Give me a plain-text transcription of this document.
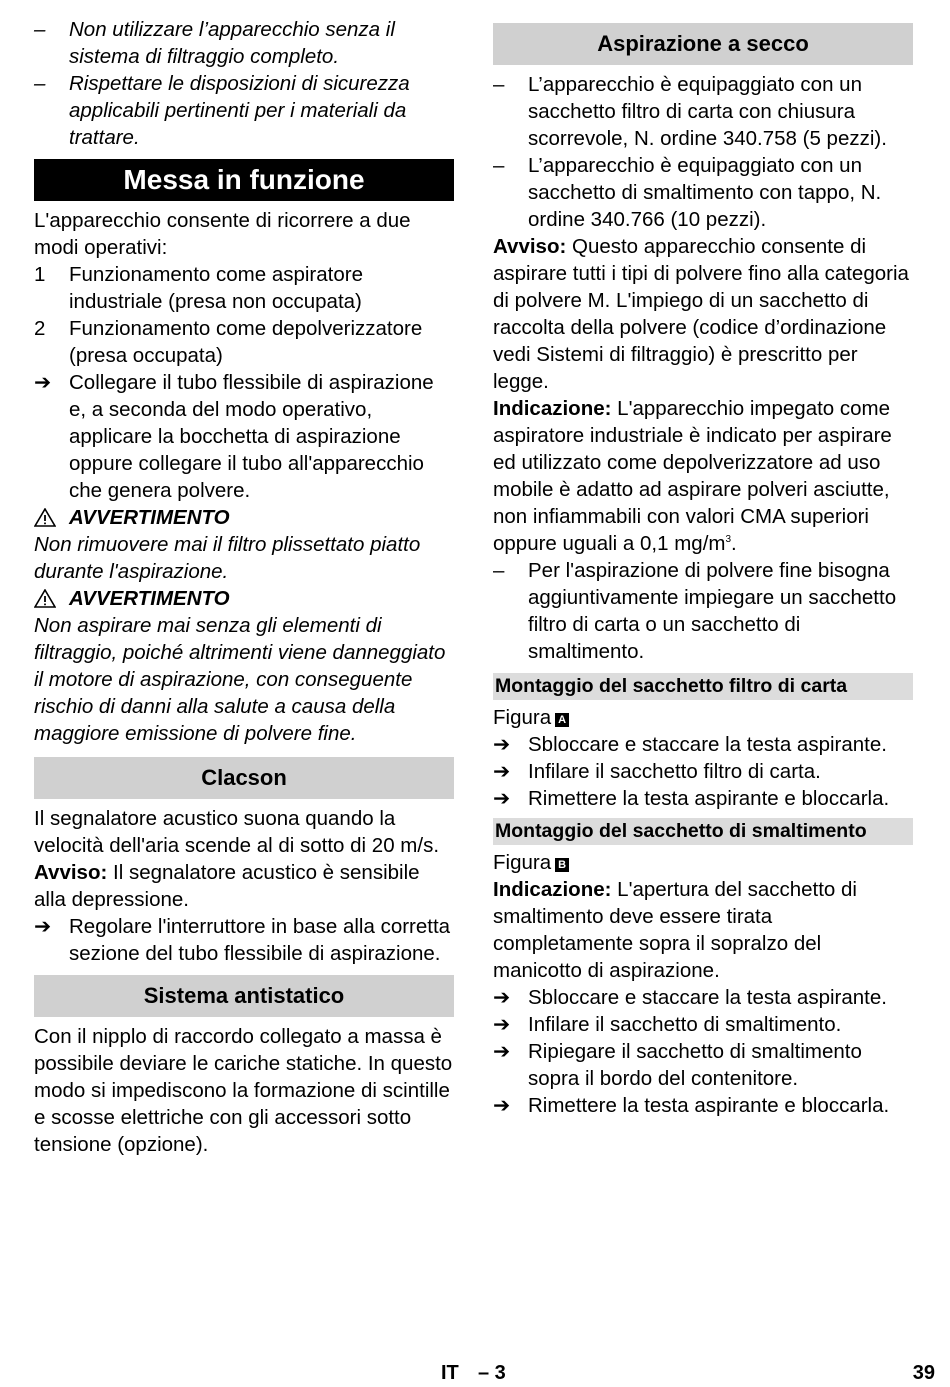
–	Non utilizzare l’apparecchio senza il sistema di filtraggio completo.
–	Rispettare le disposizioni di sicurezza applicabili pertinenti per i materiali da trattare.
Messa in funzione
L'apparecchio consente di ricorrere a due modi operativi:
1	Funzionamento come aspiratore industriale (presa non occupata)
2	Funzionamento come depolverizzatore (presa occupata)
➔ Collegare il tubo flessibile di aspirazione e, a seconda del modo operativo, applicare la bocchetta di aspirazione oppure collegare il tubo all'apparecchio che genera polvere.
AVVERTIMENTO
Non rimuovere mai il filtro plissettato piatto durante l'aspirazione.
AVVERTIMENTO
Non aspirare mai senza gli elementi di filtraggio, poiché altrimenti viene danneggiato il motore di aspirazione, con conseguente rischio di danni alla salute a causa della maggiore emissione di polvere fine.
Clacson
Il segnalatore acustico suona quando la velocità dell'aria scende al di sotto di 20 m/s.
Avviso: Il segnalatore acustico è sensibile alla depressione.
➔ Regolare l'interruttore in base alla corretta sezione del tubo flessibile di aspirazione.
Sistema antistatico
Con il nipplo di raccordo collegato a massa è possibile deviare le cariche statiche. In questo modo si impediscono la formazione di scintille e scosse elettriche con gli accessori sotto tensione (opzione).
Aspirazione a secco
–	L’apparecchio è equipaggiato con un sacchetto filtro di carta con chiusura scorrevole, N. ordine 340.758 (5 pezzi).
–	L’apparecchio è equipaggiato con un sacchetto di smaltimento con tappo, N. ordine 340.766 (10 pezzi).
Avviso: Questo apparecchio consente di aspirare tutti i tipi di polvere fino alla categoria di polvere M. L'impiego di un sacchetto di raccolta della polvere (codice d’ordinazione vedi Sistemi di filtraggio) è prescritto per legge.
Indicazione: L'apparecchio impegato come aspiratore industriale è indicato per aspirare ed utilizzato come depolverizzatore ad uso mobile è adatto ad aspirare polveri asciutte, non infiammabili con valori CMA superiori oppure uguali a 0,1 $mg/m^3$.
–	Per l'aspirazione di polvere fine bisogna aggiuntivamente impiegare un sacchetto filtro di carta o un sacchetto di smaltimento.
Montaggio del sacchetto filtro di carta
Figura A
➔ Sbloccare e staccare la testa aspirante.
➔ Infilare il sacchetto filtro di carta.
➔ Rimettere la testa aspirante e bloccarla.
Montaggio del sacchetto di smaltimento
Figura B
Indicazione: L'apertura del sacchetto di smaltimento deve essere tirata completamente sopra il sopralzo del manicotto di aspirazione.
➔ Sbloccare e staccare la testa aspirante.
➔ Infilare il sacchetto di smaltimento.
➔ Ripiegare il sacchetto di smaltimento sopra il bordo del contenitore.
➔ Rimettere la testa aspirante e bloccarla.
IT – 3	39
